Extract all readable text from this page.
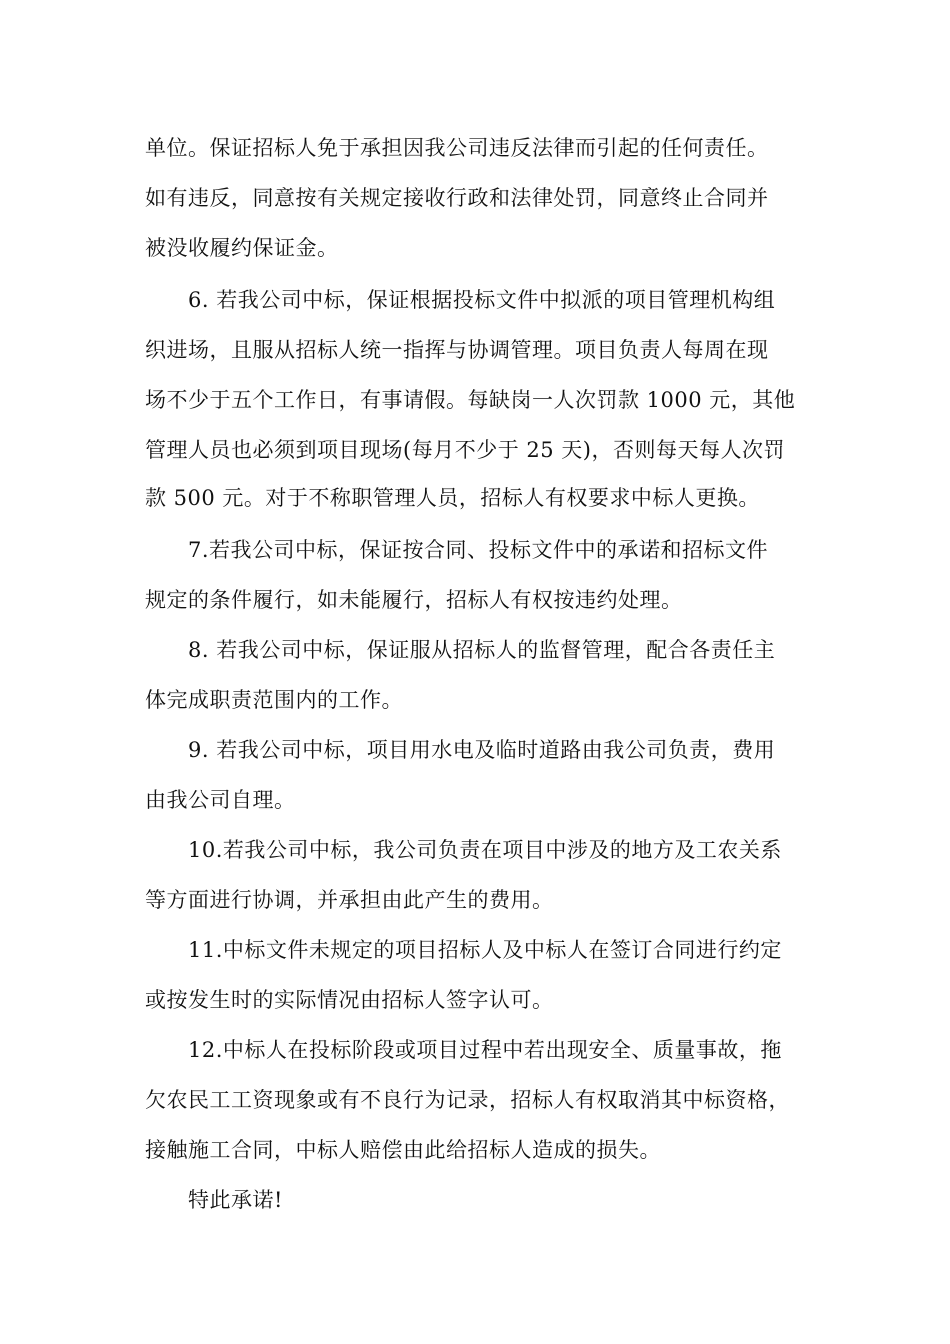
单位。保证招标人免于承担因我公司违反法律而引起的任何责任。
如有违反，同意按有关规定接收行政和法律处罚，同意终止合同并
被没收履约保证金。
6. 若我公司中标，保证根据投标文件中拟派的项目管理机构组
织进场，且服从招标人统一指挥与协调管理。项目负责人每周在现
场不少于五个工作日，有事请假。每缺岗一人次罚款 1000 元，其他
管理人员也必须到项目现场(每月不少于 25 天)，否则每天每人次罚
款 500 元。对于不称职管理人员，招标人有权要求中标人更换。
7.若我公司中标，保证按合同、投标文件中的承诺和招标文件
规定的条件履行，如未能履行，招标人有权按违约处理。
8. 若我公司中标，保证服从招标人的监督管理，配合各责任主
体完成职责范围内的工作。
9. 若我公司中标，项目用水电及临时道路由我公司负责，费用
由我公司自理。
10.若我公司中标，我公司负责在项目中涉及的地方及工农关系
等方面进行协调，并承担由此产生的费用。
11.中标文件未规定的项目招标人及中标人在签订合同进行约定
或按发生时的实际情况由招标人签字认可。
12.中标人在投标阶段或项目过程中若出现安全、质量事故，拖
欠农民工工资现象或有不良行为记录，招标人有权取消其中标资格，
接触施工合同，中标人赔偿由此给招标人造成的损失。
特此承诺!
